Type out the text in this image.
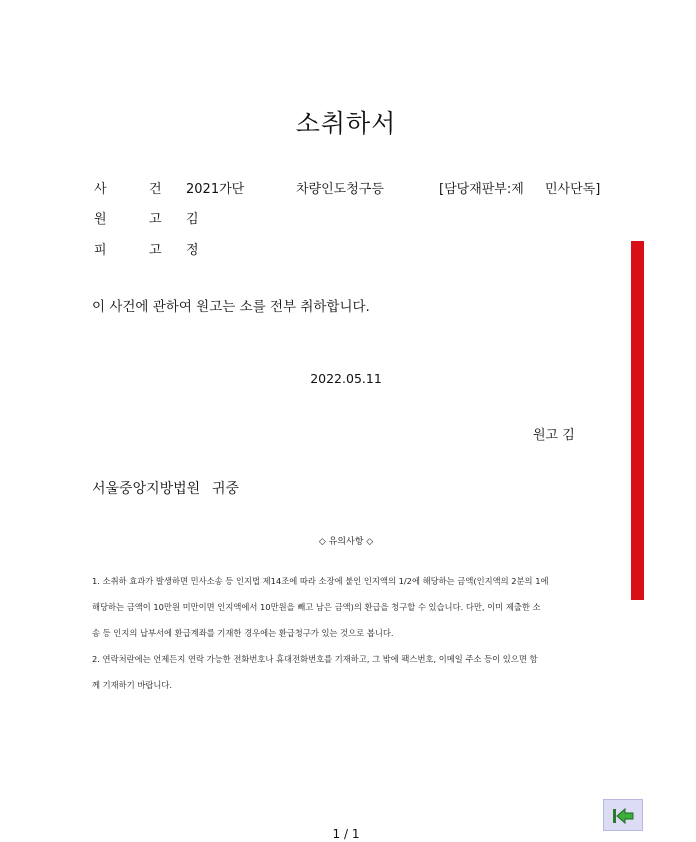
소취하서
사	건 2021가단	차량인도청구등	[담당재판부:제 민사단독]
원	고 김
피	고 정
이 사건에 관하여 원고는 소를 전부 취하합니다.
2022.05.11
원고 김
서울중앙지방법원 귀중
◇ 유의사항 ◇
1. 소취하 효과가 발생하면 민사소송 등 인지법 제14조에 따라 소장에 붙인 인지액의 1/2에 해당하는 금액(인지액의 2분의 1에
해당하는 금액이 10만원 미만이면 인지액에서 10만원을 빼고 남은 금액)의 환급을 청구할 수 있습니다. 다만, 이미 제출한 소
송 등 인지의 납부서에 환급계좌를 기재한 경우에는 환급청구가 있는 것으로 봅니다.
2. 연락처란에는 언제든지 연락 가능한 전화번호나 휴대전화번호를 기재하고, 그 밖에 팩스번호, 이메일 주소 등이 있으면 함
께 기재하기 바랍니다.
1 / 1
